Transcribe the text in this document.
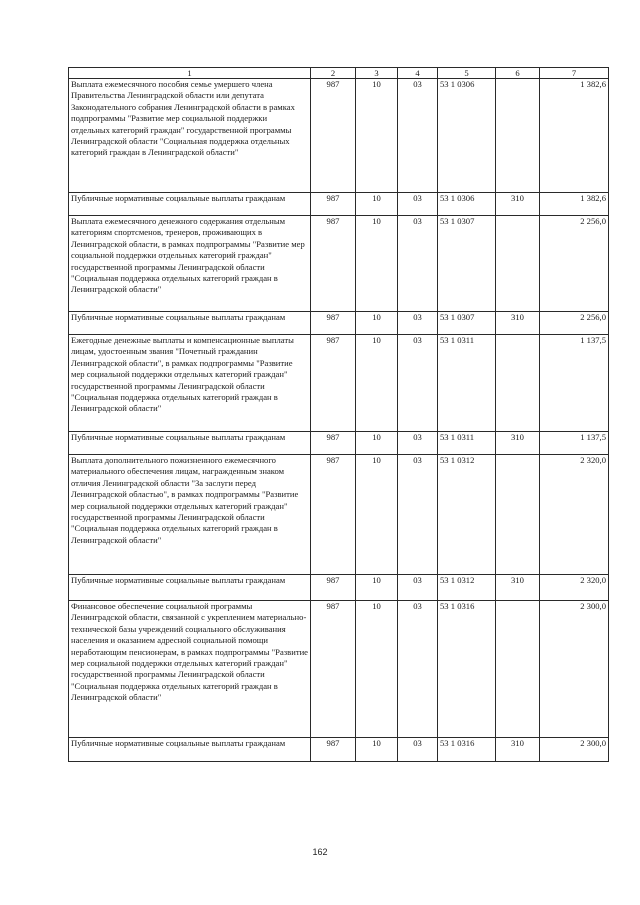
1	2	3	4	5	6	7
Выплата ежемесячного пособия семье умершего члена Правительства Ленинградской области или депутата Законодательного собрания Ленинградской области в рамках подпрограммы "Развитие мер социальной поддержки отдельных категорий граждан" государственной программы Ленинградской области "Социальная поддержка отдельных категорий граждан в Ленинградской области"	987	10	03	53 1 0306		1 382,6
Публичные нормативные социальные выплаты гражданам	987	10	03	53 1 0306	310	1 382,6
Выплата ежемесячного денежного содержания отдельным категориям спортсменов, тренеров, проживающих в Ленинградской области, в рамках подпрограммы "Развитие мер социальной поддержки отдельных категорий граждан" государственной программы Ленинградской области "Социальная поддержка отдельных категорий граждан в Ленинградской области"	987	10	03	53 1 0307		2 256,0
Публичные нормативные социальные выплаты гражданам	987	10	03	53 1 0307	310	2 256,0
Ежегодные денежные выплаты и компенсационные выплаты лицам, удостоенным звания "Почетный гражданин Ленинградской области", в рамках подпрограммы "Развитие мер социальной поддержки отдельных категорий граждан" государственной программы Ленинградской области "Социальная поддержка отдельных категорий граждан в Ленинградской области"	987	10	03	53 1 0311		1 137,5
Публичные нормативные социальные выплаты гражданам	987	10	03	53 1 0311	310	1 137,5
Выплата дополнительного пожизненного ежемесячного материального обеспечения лицам, награжденным знаком отличия Ленинградской области "За заслуги перед Ленинградской областью", в рамках подпрограммы "Развитие мер социальной поддержки отдельных категорий граждан" государственной программы Ленинградской области "Социальная поддержка отдельных категорий граждан в Ленинградской области"	987	10	03	53 1 0312		2 320,0
Публичные нормативные социальные выплаты гражданам	987	10	03	53 1 0312	310	2 320,0
Финансовое обеспечение социальной программы Ленинградской области, связанной с укреплением материально-технической базы учреждений социального обслуживания населения и оказанием адресной социальной помощи неработающим пенсионерам, в рамках подпрограммы "Развитие мер социальной поддержки отдельных категорий граждан" государственной программы Ленинградской области "Социальная поддержка отдельных категорий граждан в Ленинградской области"	987	10	03	53 1 0316		2 300,0
Публичные нормативные социальные выплаты гражданам	987	10	03	53 1 0316	310	2 300,0
162
